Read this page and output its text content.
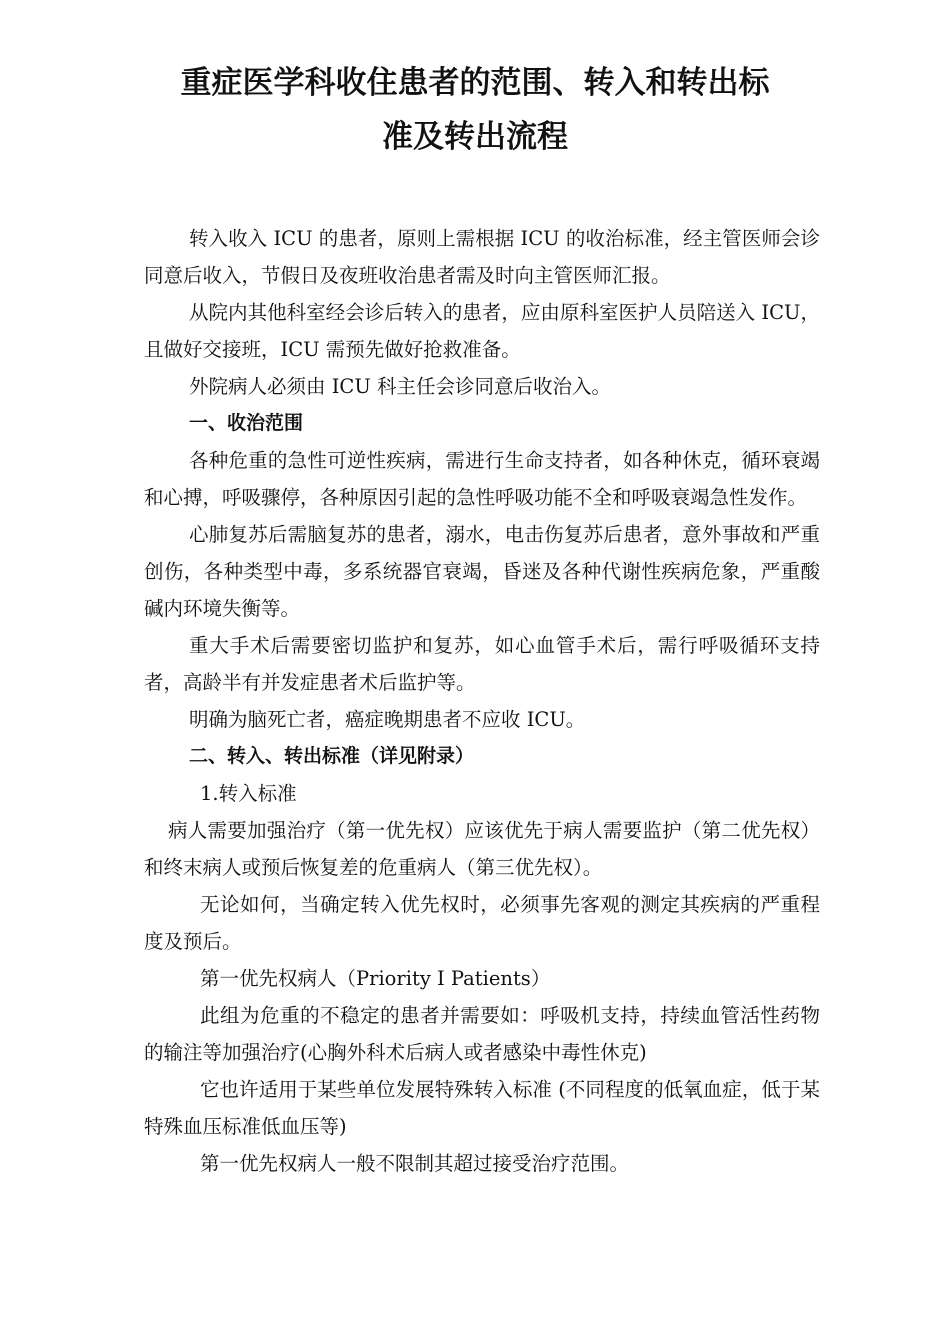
重症医学科收住患者的范围、转入和转出标
准及转出流程

转入收入 ICU 的患者，原则上需根据 ICU 的收治标准，经主管医师会诊同意后收入，节假日及夜班收治患者需及时向主管医师汇报。

从院内其他科室经会诊后转入的患者，应由原科室医护人员陪送入 ICU，且做好交接班，ICU 需预先做好抢救准备。

外院病人必须由 ICU 科主任会诊同意后收治入。

一、收治范围

各种危重的急性可逆性疾病，需进行生命支持者，如各种休克，循环衰竭和心搏，呼吸骤停，各种原因引起的急性呼吸功能不全和呼吸衰竭急性发作。

心肺复苏后需脑复苏的患者，溺水，电击伤复苏后患者，意外事故和严重创伤，各种类型中毒，多系统器官衰竭，昏迷及各种代谢性疾病危象，严重酸碱内环境失衡等。

重大手术后需要密切监护和复苏，如心血管手术后，需行呼吸循环支持者，高龄半有并发症患者术后监护等。

明确为脑死亡者，癌症晚期患者不应收 ICU。

二、转入、转出标准（详见附录）

1.转入标准

病人需要加强治疗（第一优先权）应该优先于病人需要监护（第二优先权）和终末病人或预后恢复差的危重病人（第三优先权）。

无论如何，当确定转入优先权时，必须事先客观的测定其疾病的严重程度及预后。

第一优先权病人（Priority I Patients）

此组为危重的不稳定的患者并需要如：呼吸机支持，持续血管活性药物的输注等加强治疗(心胸外科术后病人或者感染中毒性休克)

它也许适用于某些单位发展特殊转入标准 (不同程度的低氧血症，低于某特殊血压标准低血压等)

第一优先权病人一般不限制其超过接受治疗范围。
